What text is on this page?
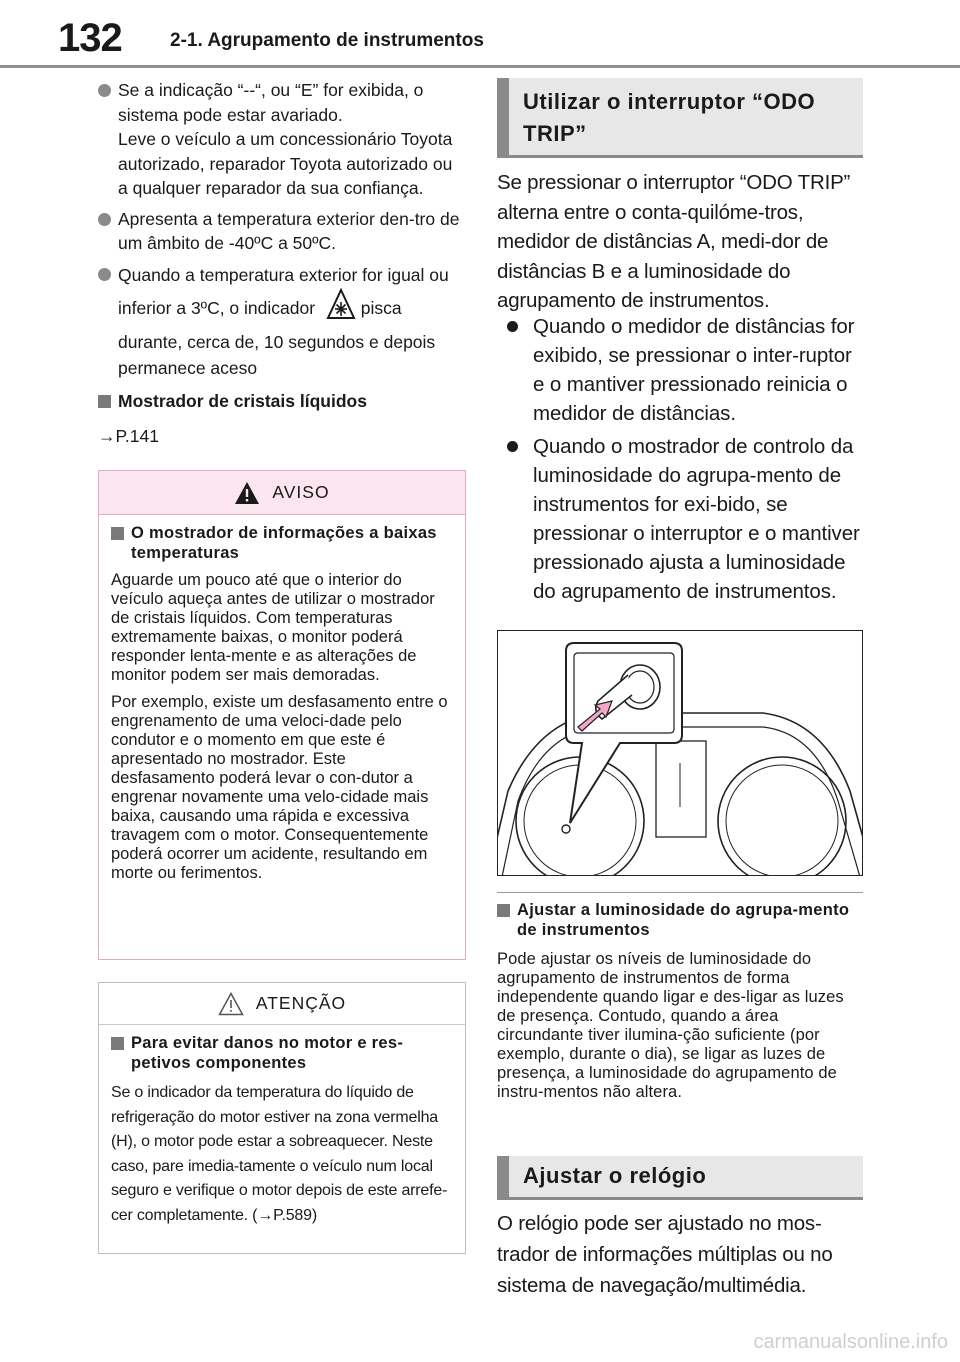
132	2-1. Agrupamento de instrumentos

Se a indicação “--“, ou “E” for exibida, o sistema pode estar avariado.

Leve o veículo a um concessionário Toyota autorizado, reparador Toyota autorizado ou a qualquer reparador da sua confiança.

Apresenta a temperatura exterior den-tro de um âmbito de -40ºC a 50ºC.

Quando a temperatura exterior for igual ou inferior a 3ºC, o indicador	pisca durante, cerca de, 10 segundos e depois permanece aceso
Mostrador de cristais líquidos
→P.141
AVISO
O mostrador de informações a baixas temperaturas

Aguarde um pouco até que o interior do veículo aqueça antes de utilizar o mostrador de cristais líquidos. Com temperaturas extremamente baixas, o monitor poderá responder lenta-mente e as alterações de monitor podem ser mais demoradas.

Por exemplo, existe um desfasamento entre o engrenamento de uma veloci-dade pelo condutor e o momento em que este é apresentado no mostrador. Este desfasamento poderá levar o con-dutor a engrenar novamente uma velo-cidade mais baixa, causando uma rápida e excessiva travagem com o motor. Consequentemente poderá ocorrer um acidente, resultando em morte ou ferimentos.

ATENÇÃO
Para evitar danos no motor e res-petivos componentes

Se o indicador da temperatura do líquido de refrigeração do motor estiver na zona vermelha (H), o motor pode estar a sobreaquecer. Neste caso, pare imedia-tamente o veículo num local seguro e verifique o motor depois de este arrefe-cer completamente. (→P.589)

Utilizar o interruptor “ODO TRIP”
Se pressionar o interruptor “ODO TRIP” alterna entre o conta-quilóme-tros, medidor de distâncias A, medi-dor de distâncias B e a luminosidade do agrupamento de instrumentos.
Quando o medidor de distâncias for exibido, se pressionar o inter-ruptor e o mantiver pressionado reinicia o medidor de distâncias.
Quando o mostrador de controlo da luminosidade do agrupa-mento de instrumentos for exi-bido, se pressionar o interruptor e o mantiver pressionado ajusta a luminosidade do agrupamento de instrumentos.
Ajustar a luminosidade do agrupa-mento de instrumentos
Pode ajustar os níveis de luminosidade do agrupamento de instrumentos de forma independente quando ligar e des-ligar as luzes de presença. Contudo, quando a área circundante tiver ilumina-ção suficiente (por exemplo, durante o dia), se ligar as luzes de presença, a luminosidade do agrupamento de instru-mentos não altera.
Ajustar o relógio
O relógio pode ser ajustado no mos-trador de informações múltiplas ou no sistema de navegação/multimédia.
carmanualsonline.info
